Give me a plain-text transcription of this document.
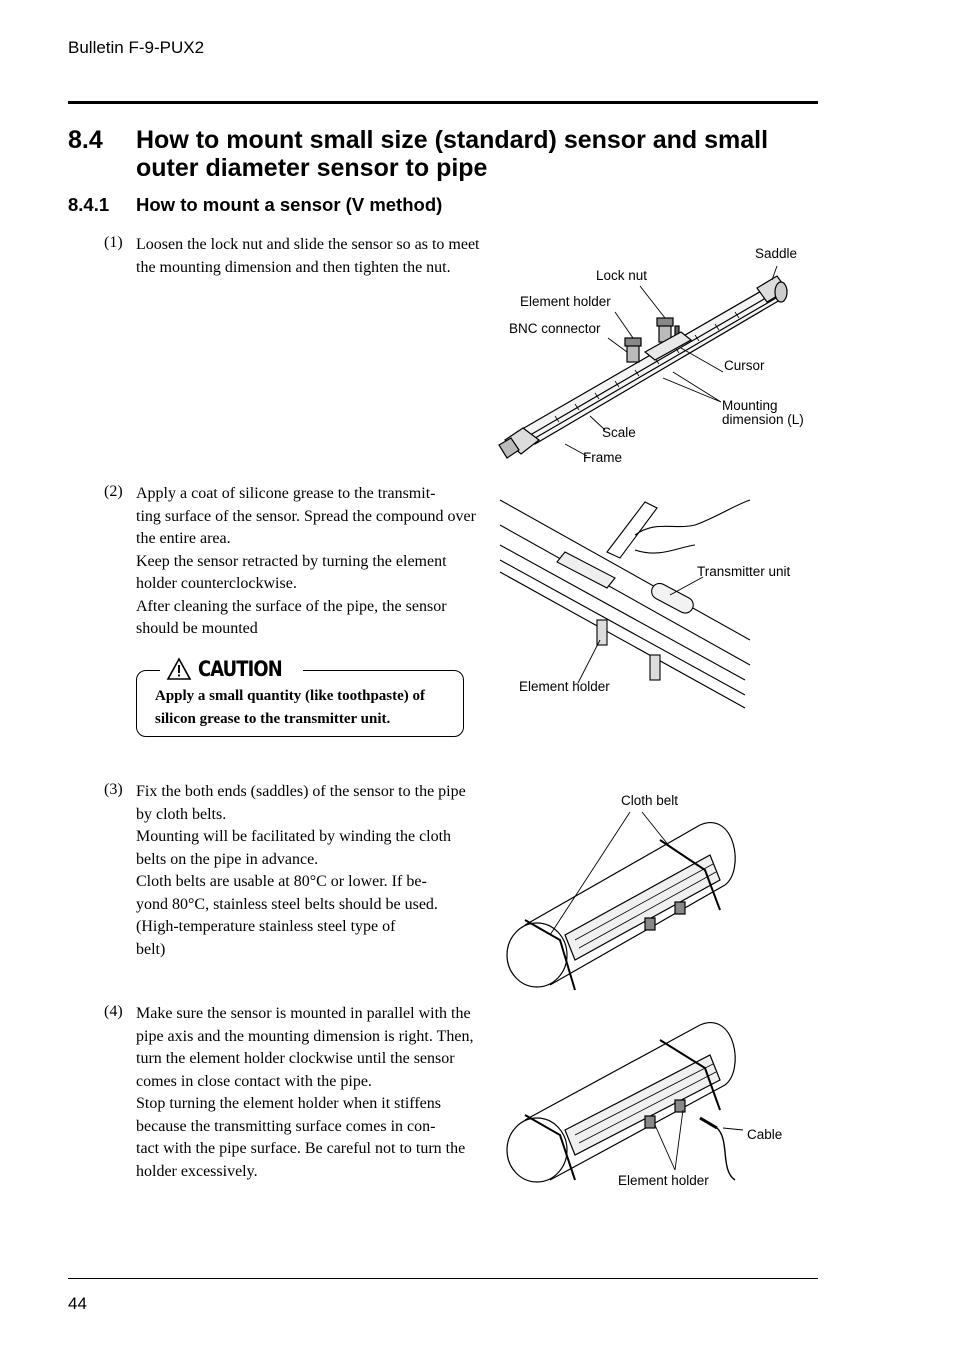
Bulletin F-9-PUX2
8.4 How to mount small size (standard) sensor and small outer diameter sensor to pipe
8.4.1 How to mount a sensor (V method)
(1) Loosen the lock nut and slide the sensor so as to meet the mounting dimension and then tighten the nut.
(2) Apply a coat of silicone grease to the transmit-
ting surface of the sensor. Spread the compound over the entire area.
Keep the sensor retracted by turning the element holder counterclockwise.
After cleaning the surface of the pipe, the sensor should be mounted
CAUTION
Apply a small quantity (like toothpaste) of silicon grease to the transmitter unit.
(3) Fix the both ends (saddles) of the sensor to the pipe by cloth belts.
Mounting will be facilitated by winding the cloth belts on the pipe in advance.
Cloth belts are usable at 80°C or lower. If be-
yond 80°C, stainless steel belts should be used.
(High-temperature stainless steel type of
belt)
(4) Make sure the sensor is mounted in parallel with the pipe axis and the mounting dimension is right. Then, turn the element holder clockwise until the sensor comes in close contact with the pipe.
Stop turning the element holder when it stiffens because the transmitting surface comes in con-
tact with the pipe surface. Be careful not to turn the holder excessively.
Saddle
Lock nut
Element holder
BNC connector
Cursor
Mounting
dimension (L)
Scale
Frame
Transmitter unit
Element holder
Cloth belt
Cable
Element holder
44
